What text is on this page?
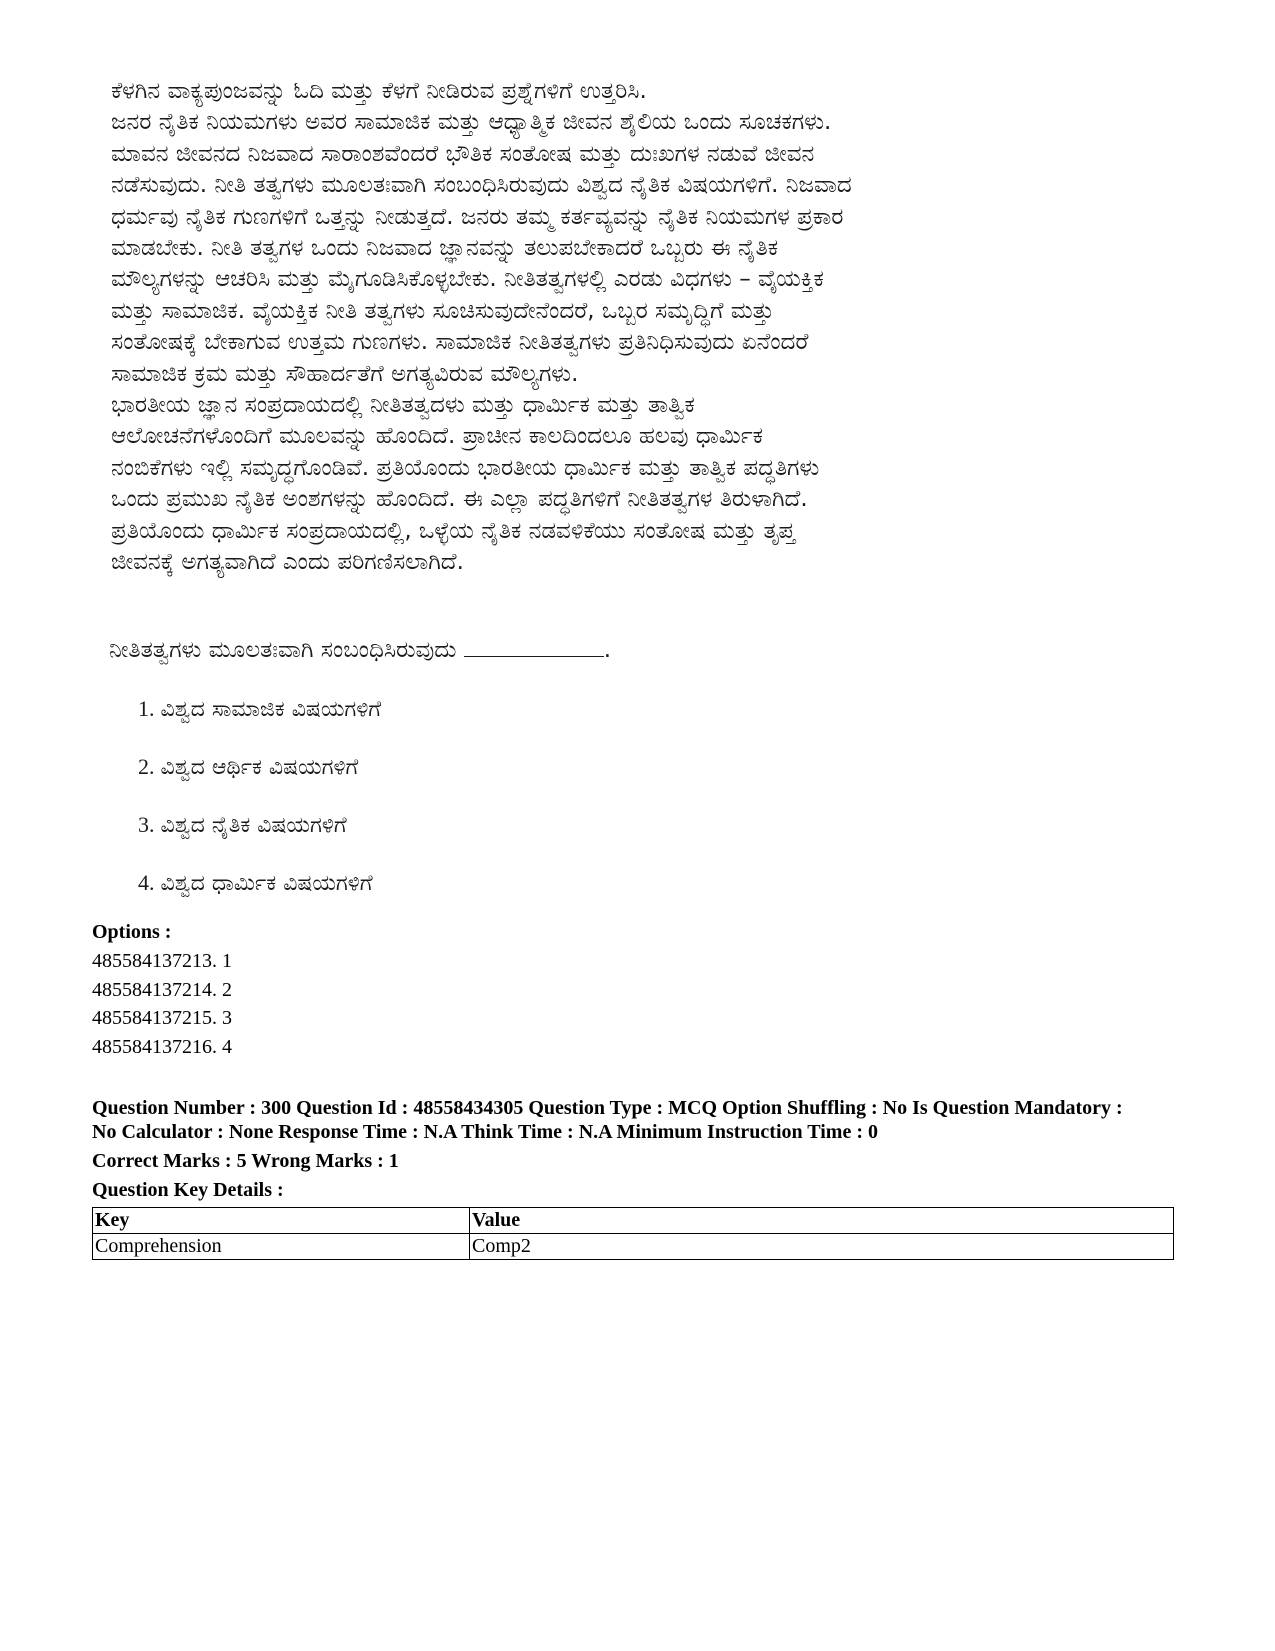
ಕೆಳಗಿನ ವಾಕ್ಯಪುಂಜವನ್ನು ಓದಿ ಮತ್ತು ಕೆಳಗೆ ನೀಡಿರುವ ಪ್ರಶ್ನೆಗಳಿಗೆ ಉತ್ತರಿಸಿ.
ಜನರ ನೈತಿಕ ನಿಯಮಗಳು ಅವರ ಸಾಮಾಜಿಕ ಮತ್ತು ಆಧ್ಯಾತ್ಮಿಕ ಜೀವನ ಶೈಲಿಯ ಒಂದು ಸೂಚಕಗಳು.
ಮಾವನ ಜೀವನದ ನಿಜವಾದ ಸಾರಾಂಶವೆಂದರೆ ಭೌತಿಕ ಸಂತೋಷ ಮತ್ತು ದುಃಖಗಳ ನಡುವೆ ಜೀವನ
ನಡೆಸುವುದು. ನೀತಿ ತತ್ವಗಳು ಮೂಲತಃವಾಗಿ ಸಂಬಂಧಿಸಿರುವುದು ವಿಶ್ವದ ನೈತಿಕ ವಿಷಯಗಳಿಗೆ. ನಿಜವಾದ
ಧರ್ಮವು ನೈತಿಕ ಗುಣಗಳಿಗೆ ಒತ್ತನ್ನು ನೀಡುತ್ತದೆ. ಜನರು ತಮ್ಮ ಕರ್ತವ್ಯವನ್ನು ನೈತಿಕ ನಿಯಮಗಳ ಪ್ರಕಾರ
ಮಾಡಬೇಕು. ನೀತಿ ತತ್ವಗಳ ಒಂದು ನಿಜವಾದ ಜ್ಞಾನವನ್ನು ತಲುಪಬೇಕಾದರೆ ಒಬ್ಬರು ಈ ನೈತಿಕ
ಮೌಲ್ಯಗಳನ್ನು ಆಚರಿಸಿ ಮತ್ತು ಮೈಗೂಡಿಸಿಕೊಳ್ಳಬೇಕು. ನೀತಿತತ್ವಗಳಲ್ಲಿ ಎರಡು ವಿಧಗಳು – ವೈಯಕ್ತಿಕ
ಮತ್ತು ಸಾಮಾಜಿಕ. ವೈಯಕ್ತಿಕ ನೀತಿ ತತ್ವಗಳು ಸೂಚಿಸುವುದೇನೆಂದರೆ, ಒಬ್ಬರ ಸಮೃದ್ಧಿಗೆ ಮತ್ತು
ಸಂತೋಷಕ್ಕೆ ಬೇಕಾಗುವ ಉತ್ತಮ ಗುಣಗಳು. ಸಾಮಾಜಿಕ ನೀತಿತತ್ವಗಳು ಪ್ರತಿನಿಧಿಸುವುದು ಏನೆಂದರೆ
ಸಾಮಾಜಿಕ ಕ್ರಮ ಮತ್ತು ಸೌಹಾರ್ದತೆಗೆ ಅಗತ್ಯವಿರುವ ಮೌಲ್ಯಗಳು.
ಭಾರತೀಯ ಜ್ಞಾನ ಸಂಪ್ರದಾಯದಲ್ಲಿ ನೀತಿತತ್ವದಳು ಮತ್ತು ಧಾರ್ಮಿಕ ಮತ್ತು ತಾತ್ವಿಕ
ಆಲೋಚನೆಗಳೊಂದಿಗೆ ಮೂಲವನ್ನು ಹೊಂದಿದೆ. ಪ್ರಾಚೀನ ಕಾಲದಿಂದಲೂ ಹಲವು ಧಾರ್ಮಿಕ
ನಂಬಿಕೆಗಳು ಇಲ್ಲಿ ಸಮೃದ್ಧಗೊಂಡಿವೆ. ಪ್ರತಿಯೊಂದು ಭಾರತೀಯ ಧಾರ್ಮಿಕ ಮತ್ತು ತಾತ್ವಿಕ ಪದ್ಧತಿಗಳು
ಒಂದು ಪ್ರಮುಖ ನೈತಿಕ ಅಂಶಗಳನ್ನು ಹೊಂದಿದೆ. ಈ ಎಲ್ಲಾ ಪದ್ಧತಿಗಳಿಗೆ ನೀತಿತತ್ವಗಳ ತಿರುಳಾಗಿದೆ.
ಪ್ರತಿಯೊಂದು ಧಾರ್ಮಿಕ ಸಂಪ್ರದಾಯದಲ್ಲಿ, ಒಳ್ಳೆಯ ನೈತಿಕ ನಡವಳಿಕೆಯು ಸಂತೋಷ ಮತ್ತು ತೃಪ್ತ
ಜೀವನಕ್ಕೆ ಅಗತ್ಯವಾಗಿದೆ ಎಂದು ಪರಿಗಣಿಸಲಾಗಿದೆ.
ನೀತಿತತ್ವಗಳು ಮೂಲತಃವಾಗಿ ಸಂಬಂಧಿಸಿರುವುದು	.
1. ವಿಶ್ವದ ಸಾಮಾಜಿಕ ವಿಷಯಗಳಿಗೆ
2. ವಿಶ್ವದ ಆರ್ಥಿಕ ವಿಷಯಗಳಿಗೆ
3. ವಿಶ್ವದ ನೈತಿಕ ವಿಷಯಗಳಿಗೆ
4. ವಿಶ್ವದ ಧಾರ್ಮಿಕ ವಿಷಯಗಳಿಗೆ
Options :
485584137213. 1
485584137214. 2
485584137215. 3
485584137216. 4
Question Number : 300 Question Id : 48558434305 Question Type : MCQ Option Shuffling : No Is Question Mandatory :
No Calculator : None Response Time : N.A Think Time : N.A Minimum Instruction Time : 0
Correct Marks : 5 Wrong Marks : 1
Question Key Details :
Key	Value
Comprehension	Comp2
